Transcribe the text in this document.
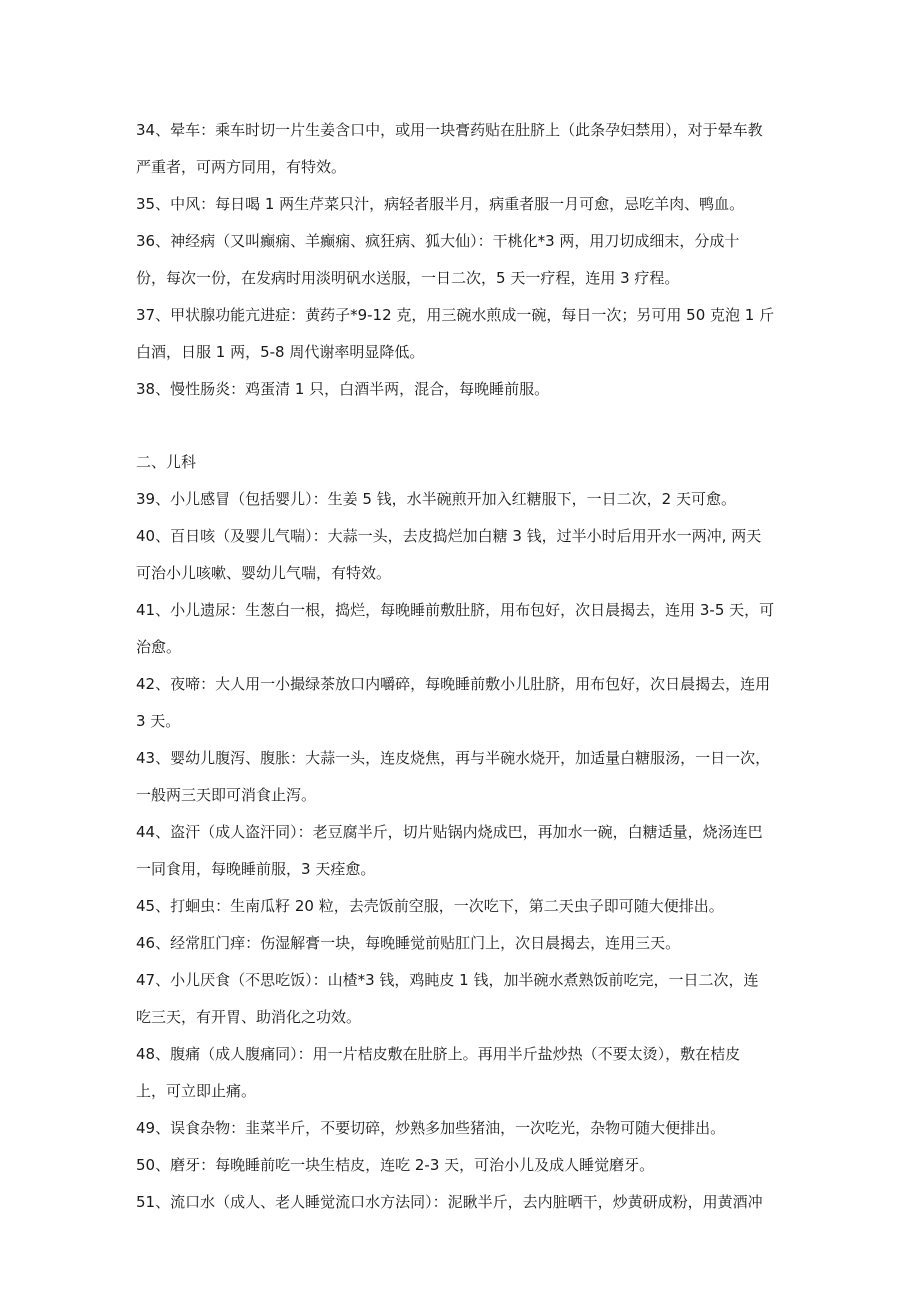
34、晕车：乘车时切一片生姜含口中，或用一块膏药贴在肚脐上（此条孕妇禁用），对于晕车教
严重者，可两方同用，有特效。
35、中风：每日喝 1 两生芹菜只汁，病轻者服半月，病重者服一月可愈，忌吃羊肉、鸭血。
36、神经病（又叫癫痫、羊癫痫、疯狂病、狐大仙）：干桃化*3 两，用刀切成细末，分成十
份，每次一份，在发病时用淡明矾水送服，一日二次，5 天一疗程，连用 3 疗程。
37、甲状腺功能亢进症：黄药子*9-12 克，用三碗水煎成一碗，每日一次；另可用 50 克泡 1 斤
白酒，日服 1 两，5-8 周代谢率明显降低。
38、慢性肠炎：鸡蛋清 1 只，白酒半两，混合，每晚睡前服。
二、儿科
39、小儿感冒（包括婴儿）：生姜 5 钱，水半碗煎开加入红糖服下，一日二次，2 天可愈。
40、百日咳（及婴儿气喘）：大蒜一头，去皮捣烂加白糖 3 钱，过半小时后用开水一两冲, 两天
可治小儿咳嗽、婴幼儿气喘，有特效。
41、小儿遗尿：生葱白一根，捣烂，每晚睡前敷肚脐，用布包好，次日晨揭去，连用 3-5 天，可
治愈。
42、夜啼：大人用一小撮绿茶放口内嚼碎，每晚睡前敷小儿肚脐，用布包好，次日晨揭去，连用
3 天。
43、婴幼儿腹泻、腹胀：大蒜一头，连皮烧焦，再与半碗水烧开，加适量白糖服汤，一日一次，
一般两三天即可消食止泻。
44、盗汗（成人盗汗同）：老豆腐半斤，切片贴锅内烧成巴，再加水一碗，白糖适量，烧汤连巴
一同食用，每晚睡前服，3 天痊愈。
45、打蛔虫：生南瓜籽 20 粒，去壳饭前空服，一次吃下，第二天虫子即可随大便排出。
46、经常肛门痒：伤湿解膏一块，每晚睡觉前贴肛门上，次日晨揭去，连用三天。
47、小儿厌食（不思吃饭）：山楂*3 钱，鸡盹皮 1 钱，加半碗水煮熟饭前吃完，一日二次，连
吃三天，有开胃、助消化之功效。
48、腹痛（成人腹痛同）：用一片桔皮敷在肚脐上。再用半斤盐炒热（不要太烫），敷在桔皮
上，可立即止痛。
49、误食杂物：韭菜半斤，不要切碎，炒熟多加些猪油，一次吃光，杂物可随大便排出。
50、磨牙：每晚睡前吃一块生桔皮，连吃 2-3 天，可治小儿及成人睡觉磨牙。
51、流口水（成人、老人睡觉流口水方法同）：泥瞅半斤，去内脏晒干，炒黄研成粉，用黄酒冲
